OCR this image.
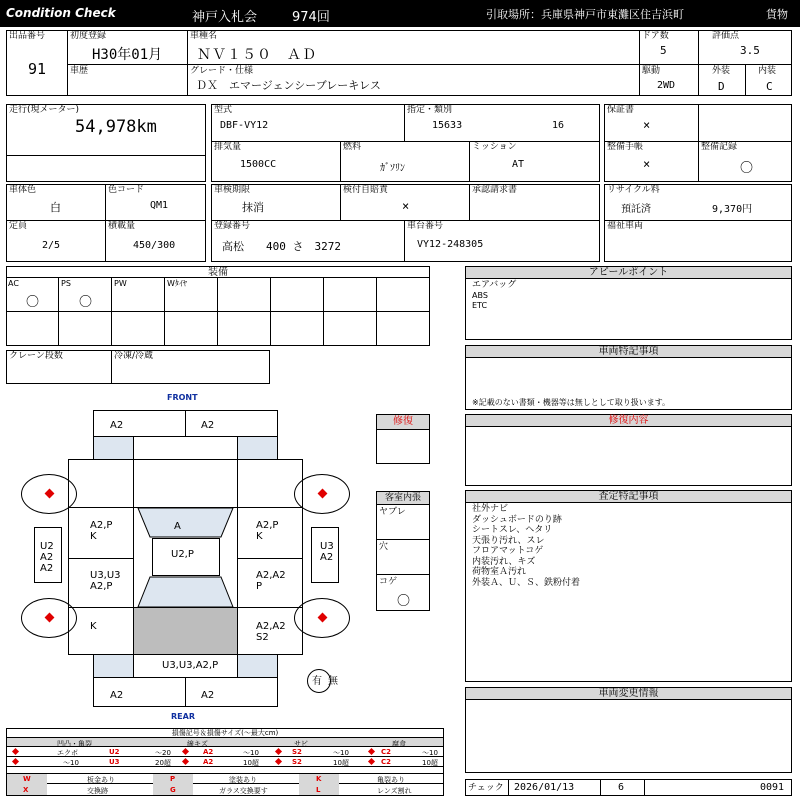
Condition Check	神戸入札会	974回	引取場所：兵庫県神戸市東灘区住吉浜町	貨物
出品番号
91
初度登録
H30年01月
車種名
ＮＶ１５０　ＡＤ
ドア数
5
評価点
3.5
車歴	グレード・仕様
ＤＸ　エマージェンシーブレーキレス
駆動
2WD
外装
D
内装
C
走行(現メーター)
54,978km
型式
DBF-VY12
指定・類別
15633	16
排気量
1500CC
燃料
ｶﾞｿﾘﾝ
ミッション
AT
保証書
×
整備手帳
×
整備記録
〇
車体色
白
色コード
QM1
定員
2/5
積載量
450/300
車検期限
抹消
検付自賠責
×
承認請求書
登録番号
高松　　400 さ　3272
車台番号
VY12-248305
リサイクル料
預託済	9,370円
福祉車両
装備
AC
〇
PS
〇
PW	Wﾀｲﾔ
クレーン段数	冷凍/冷蔵
FRONT
REAR
A2	A2
A
A2,P
K
A2,P
K
U2,P
U2
A2
A2
U3
A2
U3,U3
A2,P
A2,A2
P
K	A2,A2
S2
U3,U3,A2,P
A2	A2
有 無
修復
客室内張
ヤブレ
穴
コゲ
〇
アピールポイント
エアバッグ
ABS
ETC
車両特記事項
※記載のない書類・機器等は無しとして取り扱います。
修復内容
査定特記事項
社外ナビ
ダッシュボードのり跡
シートスレ、ヘタリ
天張り汚れ、スレ
フロアマットコゲ
内装汚れ、キズ
荷物室Ａ汚れ
外装Ａ、Ｕ、Ｓ、鉄粉付着
車両変更情報
チェック 2026/01/13	6	0091
損傷記号＆損傷サイズ(〜最大cm)
凹凸・亀裂	線キズ	サビ	腐食
エクボ	U2	〜20	A2	〜10	S2	〜10	C2	〜10
〜10	U3	20超	A2	10超	S2	10超	C2	10超
W	板金あり	P	塗装あり	K	亀裂あり
X	交換跡	G	ガラス交換要す	L	レンズ割れ
